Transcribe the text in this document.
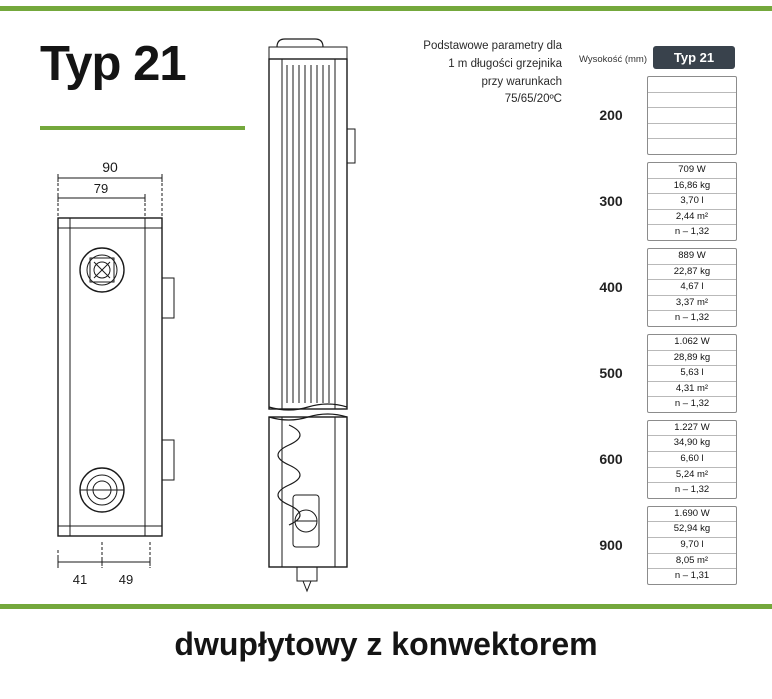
Typ 21	Podstawowe parametry dla
1 m długości grzejnika
przy warunkach
75/65/20ºC
90
79
41 49
Wysokość (mm)	Typ 21
200

300
709 W
16,86 kg
3,70 l
2,44 m²
n – 1,32
400
889 W
22,87 kg
4,67 l
3,37 m²
n – 1,32
500
1.062 W
28,89 kg
5,63 l
4,31 m²
n – 1,32
600
1.227 W
34,90 kg
6,60 l
5,24 m²
n – 1,32
900
1.690 W
52,94 kg
9,70 l
8,05 m²
n – 1,31
dwupłytowy z konwektorem
